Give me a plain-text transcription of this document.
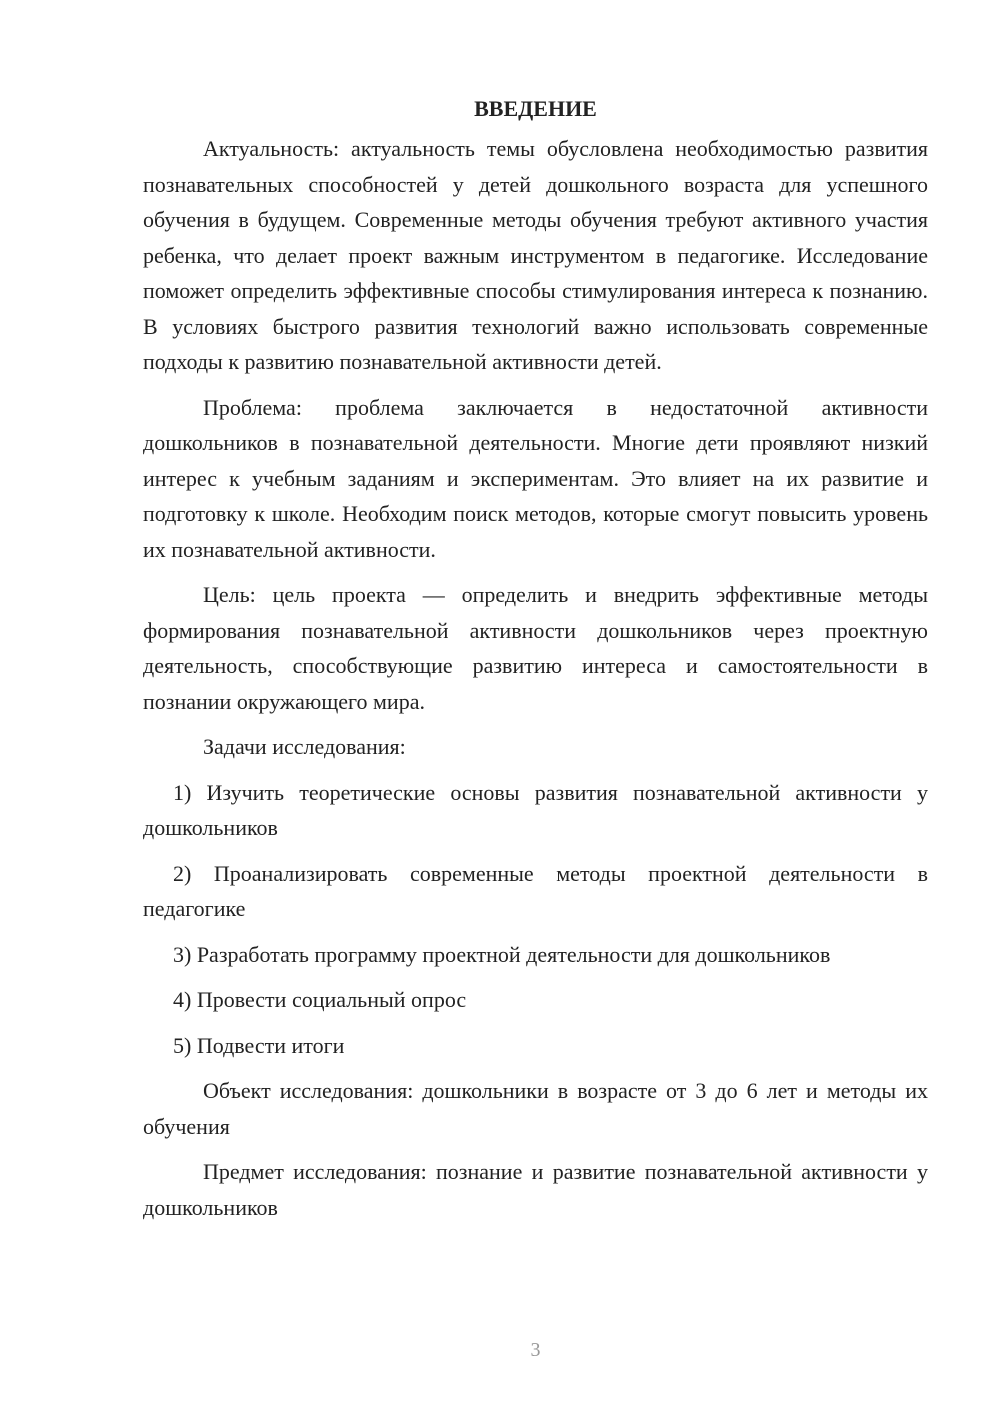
ВВЕДЕНИЕ

Актуальность: актуальность темы обусловлена необходимостью развития познавательных способностей у детей дошкольного возраста для успешного обучения в будущем. Современные методы обучения требуют активного участия ребенка, что делает проект важным инструментом в педагогике. Исследование поможет определить эффективные способы стимулирования интереса к познанию. В условиях быстрого развития технологий важно использовать современные подходы к развитию познавательной активности детей.

Проблема: проблема заключается в недостаточной активности дошкольников в познавательной деятельности. Многие дети проявляют низкий интерес к учебным заданиям и экспериментам. Это влияет на их развитие и подготовку к школе. Необходим поиск методов, которые смогут повысить уровень их познавательной активности.

Цель: цель проекта — определить и внедрить эффективные методы формирования познавательной активности дошкольников через проектную деятельность, способствующие развитию интереса и самостоятельности в познании окружающего мира.

Задачи исследования:

1) Изучить теоретические основы развития познавательной активности у дошкольников

2) Проанализировать современные методы проектной деятельности в педагогике

3) Разработать программу проектной деятельности для дошкольников

4) Провести социальный опрос

5) Подвести итоги

Объект исследования: дошкольники в возрасте от 3 до 6 лет и методы их обучения

Предмет исследования: познание и развитие познавательной активности у дошкольников

3
